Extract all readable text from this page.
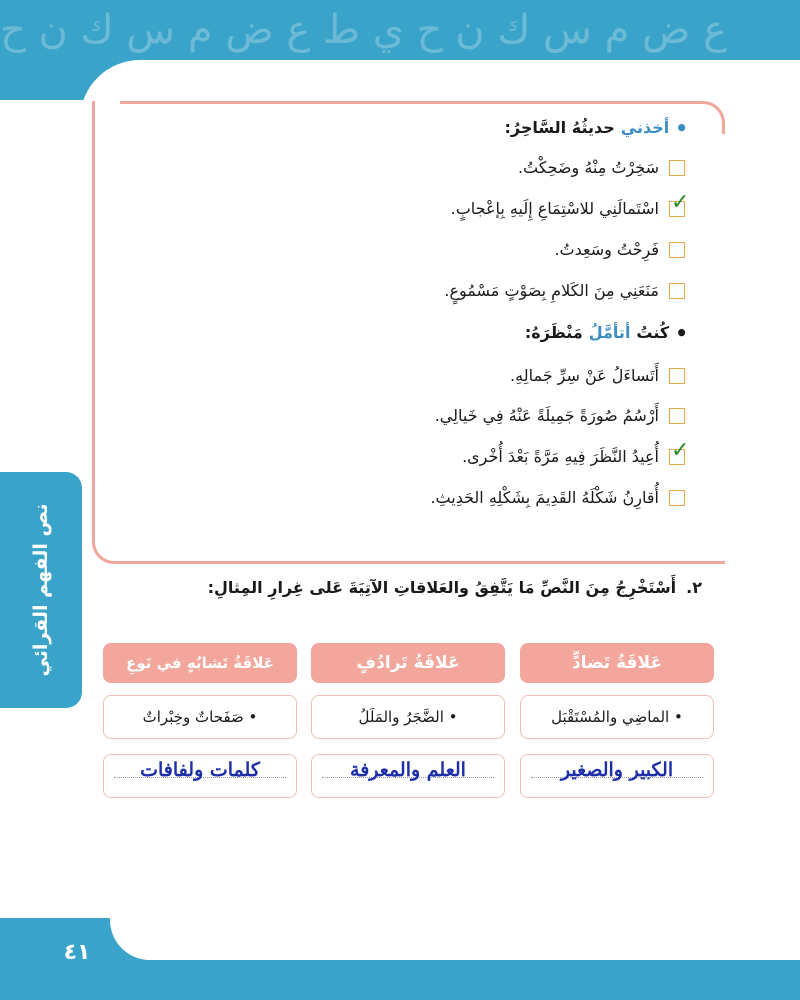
ع ض م س ك ن ح ي ط ع ض م س ك ن ح
٤١
نص الفهم القرائي
•
أخذني
حديثُهُ السَّاحِرُ:
سَخِرْتُ مِنْهُ وضَحِكْتُ.
✓
اسْتَمالَنِي للاسْتِمَاعِ إِلَيهِ بِإعْجابٍ.
فَرِحْتُ وسَعِدتُ.
مَنَعَنِي مِنَ الكَلامِ بِصَوْتٍ مَسْمُوعٍ.
•
كُنتُ
أتأمَّلُ
مَنْظَرَهُ:
أَتَساءَلُ عَنْ سِرِّ جَمالِهِ.
أَرْسُمُ صُورَةً جَمِيلَةً عَنْهُ فِي خَيالِي.
✓
أُعِيدُ النَّظَرَ فِيهِ مَرَّةً بَعْدَ أُخْرى.
أُقارِنُ شَكْلَهُ القَدِيمَ بِشَكْلِهِ الحَدِيثِ.
٢.
أَسْتَخْرِجُ مِنَ النَّصِّ مَا يَتَّفِقُ والعَلاقاتِ الآتِيَةَ عَلى غِرارِ المِثالِ:
عَلاقَةُ تَضادٍّ
عَلاقَةُ تَرادُفٍ
عَلاقَةُ تَشابُهٍ في نَوعِ
• الماضِي والمُسْتَقْبَل
• الضَّجَرُ والمَلَلُ
• صَفَحاتٌ وخِبْراتٌ
الكبير والصغير
العلم والمعرفة
كلمات ولفافات
